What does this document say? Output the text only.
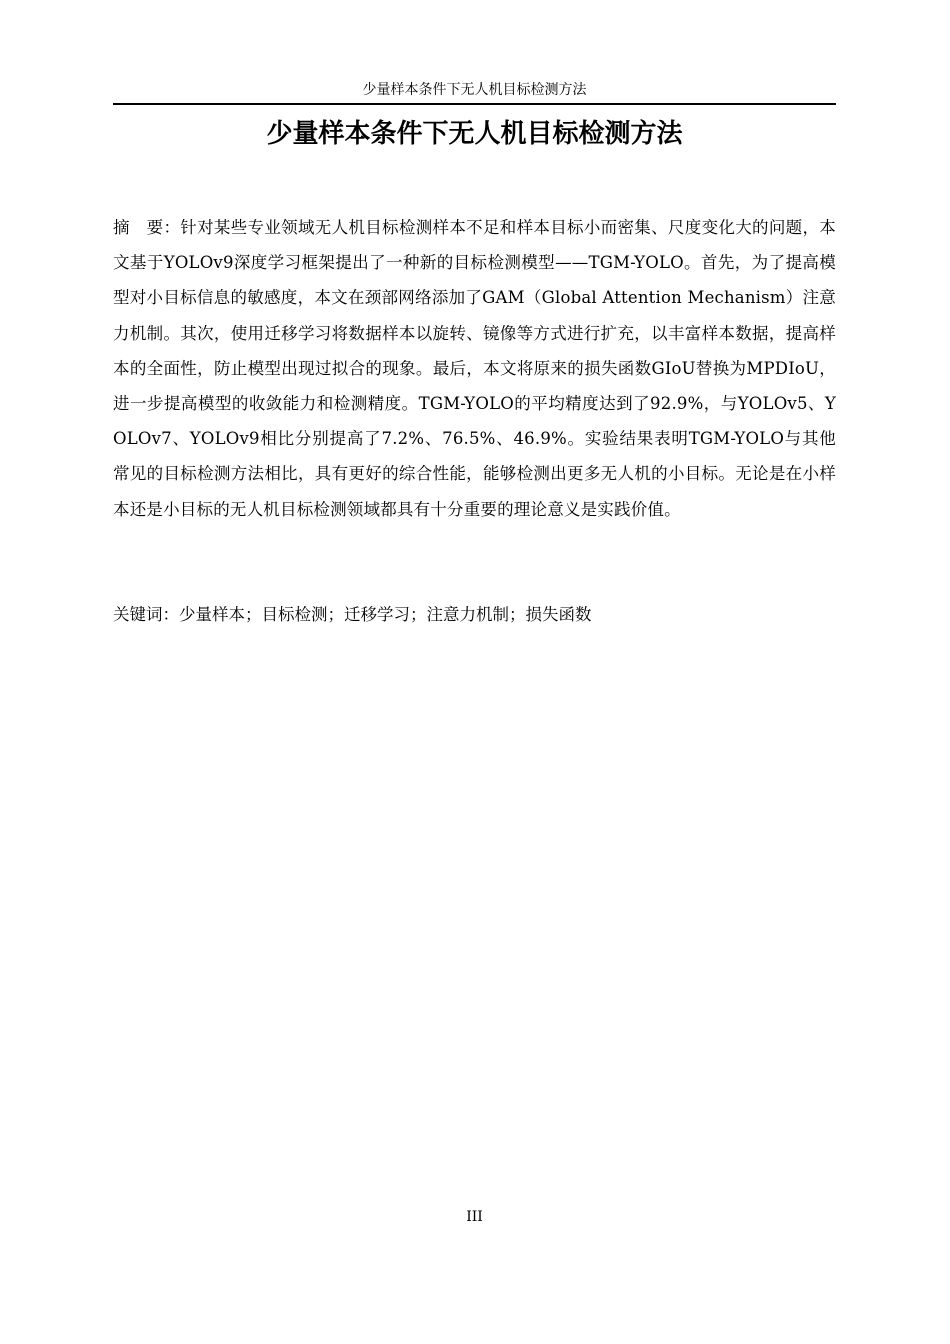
少量样本条件下无人机目标检测方法
少量样本条件下无人机目标检测方法

摘　要：针对某些专业领域无人机目标检测样本不足和样本目标小而密集、尺度变化大的问题，本文基于YOLOv9深度学习框架提出了一种新的目标检测模型——TGM-YOLO。首先，为了提高模型对小目标信息的敏感度，本文在颈部网络添加了GAM（Global Attention Mechanism）注意力机制。其次，使用迁移学习将数据样本以旋转、镜像等方式进行扩充，以丰富样本数据，提高样本的全面性，防止模型出现过拟合的现象。最后，本文将原来的损失函数GIoU替换为MPDIoU，进一步提高模型的收敛能力和检测精度。TGM-YOLO的平均精度达到了92.9%，与YOLOv5、YOLOv7、YOLOv9相比分别提高了7.2%、76.5%、46.9%。实验结果表明TGM-YOLO与其他常见的目标检测方法相比，具有更好的综合性能，能够检测出更多无人机的小目标。无论是在小样本还是小目标的无人机目标检测领域都具有十分重要的理论意义是实践价值。

关键词：少量样本；目标检测；迁移学习；注意力机制；损失函数

III
